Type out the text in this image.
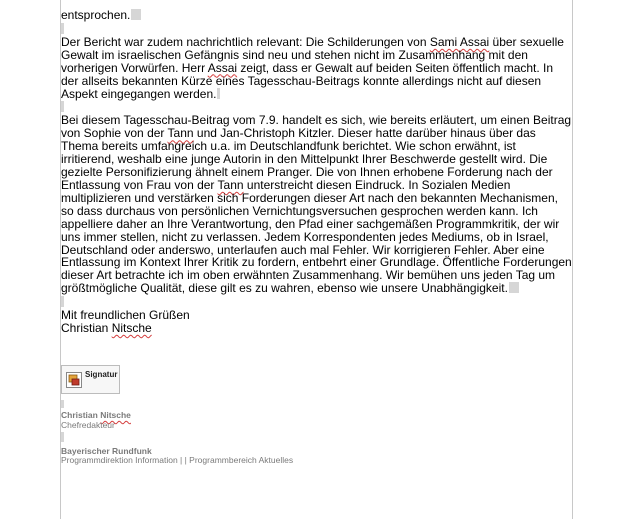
entsprochen.

Der Bericht war zudem nachrichtlich relevant: Die Schilderungen von Sami Assai über sexuelle Gewalt im israelischen Gefängnis sind neu und stehen nicht im Zusammenhang mit den vorherigen Vorwürfen. Herr Assai zeigt, dass er Gewalt auf beiden Seiten öffentlich macht. In der allseits bekannten Kürze eines Tagesschau-Beitrags konnte allerdings nicht auf diesen Aspekt eingegangen werden.

Bei diesem Tagesschau-Beitrag vom 7.9. handelt es sich, wie bereits erläutert, um einen Beitrag von Sophie von der Tann und Jan-Christoph Kitzler. Dieser hatte darüber hinaus über das Thema bereits umfangreich u.a. im Deutschlandfunk berichtet. Wie schon erwähnt, ist irritierend, weshalb eine junge Autorin in den Mittelpunkt Ihrer Beschwerde gestellt wird. Die gezielte Personifizierung ähnelt einem Pranger. Die von Ihnen erhobene Forderung nach der Entlassung von Frau von der Tann unterstreicht diesen Eindruck. In Sozialen Medien multiplizieren und verstärken sich Forderungen dieser Art nach den bekannten Mechanismen, so dass durchaus von persönlichen Vernichtungsversuchen gesprochen werden kann. Ich appelliere daher an Ihre Verantwortung, den Pfad einer sachgemäßen Programmkritik, der wir uns immer stellen, nicht zu verlassen. Jedem Korrespondenten jedes Mediums, ob in Israel, Deutschland oder anderswo, unterlaufen auch mal Fehler. Wir korrigieren Fehler. Aber eine Entlassung im Kontext Ihrer Kritik zu fordern, entbehrt einer Grundlage. Öffentliche Forderungen dieser Art betrachte ich im oben erwähnten Zusammenhang. Wir bemühen uns jeden Tag um größtmögliche Qualität, diese gilt es zu wahren, ebenso wie unsere Unabhängigkeit.

Mit freundlichen Grüßen

Christian Nitsche

Signatur
Christian Nitsche
Chefredakteur
Bayerischer Rundfunk
Programmdirektion Information | | Programmbereich Aktuelles
